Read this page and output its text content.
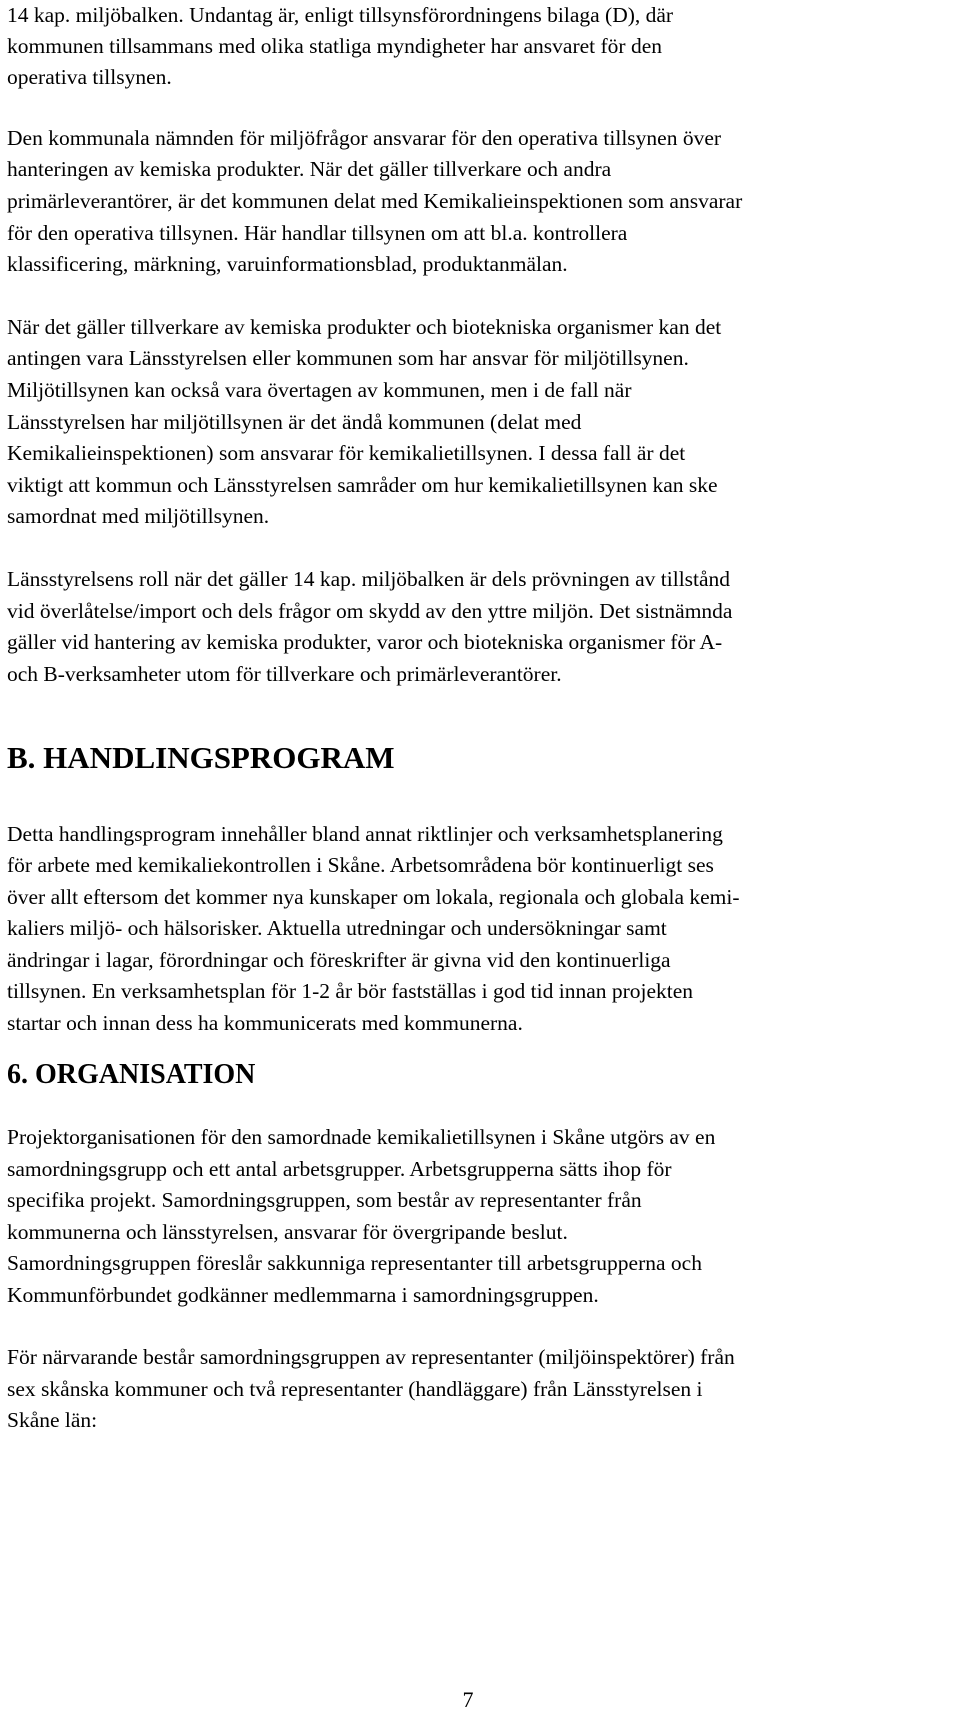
14 kap. miljöbalken. Undantag är, enligt tillsynsförordningens bilaga (D), där
kommunen tillsammans med olika statliga myndigheter har ansvaret för den
operativa tillsynen.
Den kommunala nämnden för miljöfrågor ansvarar för den operativa tillsynen över
hanteringen av kemiska produkter. När det gäller tillverkare och andra
primärleverantörer, är det kommunen delat med Kemikalieinspektionen som ansvarar
för den operativa tillsynen. Här handlar tillsynen om att bl.a. kontrollera
klassificering, märkning, varuinformationsblad, produktanmälan.
När det gäller tillverkare av kemiska produkter och biotekniska organismer kan det
antingen vara Länsstyrelsen eller kommunen som har ansvar för miljötillsynen.
Miljötillsynen kan också vara övertagen av kommunen, men i de fall när
Länsstyrelsen har miljötillsynen är det ändå kommunen (delat med
Kemikalieinspektionen) som ansvarar för kemikalietillsynen. I dessa fall är det
viktigt att kommun och Länsstyrelsen samråder om hur kemikalietillsynen kan ske
samordnat med miljötillsynen.
Länsstyrelsens roll när det gäller 14 kap. miljöbalken är dels prövningen av tillstånd
vid överlåtelse/import och dels frågor om skydd av den yttre miljön. Det sistnämnda
gäller vid hantering av kemiska produkter, varor och biotekniska organismer för A-
och B-verksamheter utom för tillverkare och primärleverantörer.
B. HANDLINGSPROGRAM
Detta handlingsprogram innehåller bland annat riktlinjer och verksamhetsplanering
för arbete med kemikaliekontrollen i Skåne. Arbetsområdena bör kontinuerligt ses
över allt eftersom det kommer nya kunskaper om lokala, regionala och globala kemi-
kaliers miljö- och hälsorisker. Aktuella utredningar och undersökningar samt
ändringar i lagar, förordningar och föreskrifter är givna vid den kontinuerliga
tillsynen. En verksamhetsplan för 1-2 år bör fastställas i god tid innan projekten
startar och innan dess ha kommunicerats med kommunerna.
6. ORGANISATION
Projektorganisationen för den samordnade kemikalietillsynen i Skåne utgörs av en
samordningsgrupp och ett antal arbetsgrupper. Arbetsgrupperna sätts ihop för
specifika projekt. Samordningsgruppen, som består av representanter från
kommunerna och länsstyrelsen, ansvarar för övergripande beslut.
Samordningsgruppen föreslår sakkunniga representanter till arbetsgrupperna och
Kommunförbundet godkänner medlemmarna i samordningsgruppen.
För närvarande består samordningsgruppen av representanter (miljöinspektörer) från
sex skånska kommuner och två representanter (handläggare) från Länsstyrelsen i
Skåne län:
7
